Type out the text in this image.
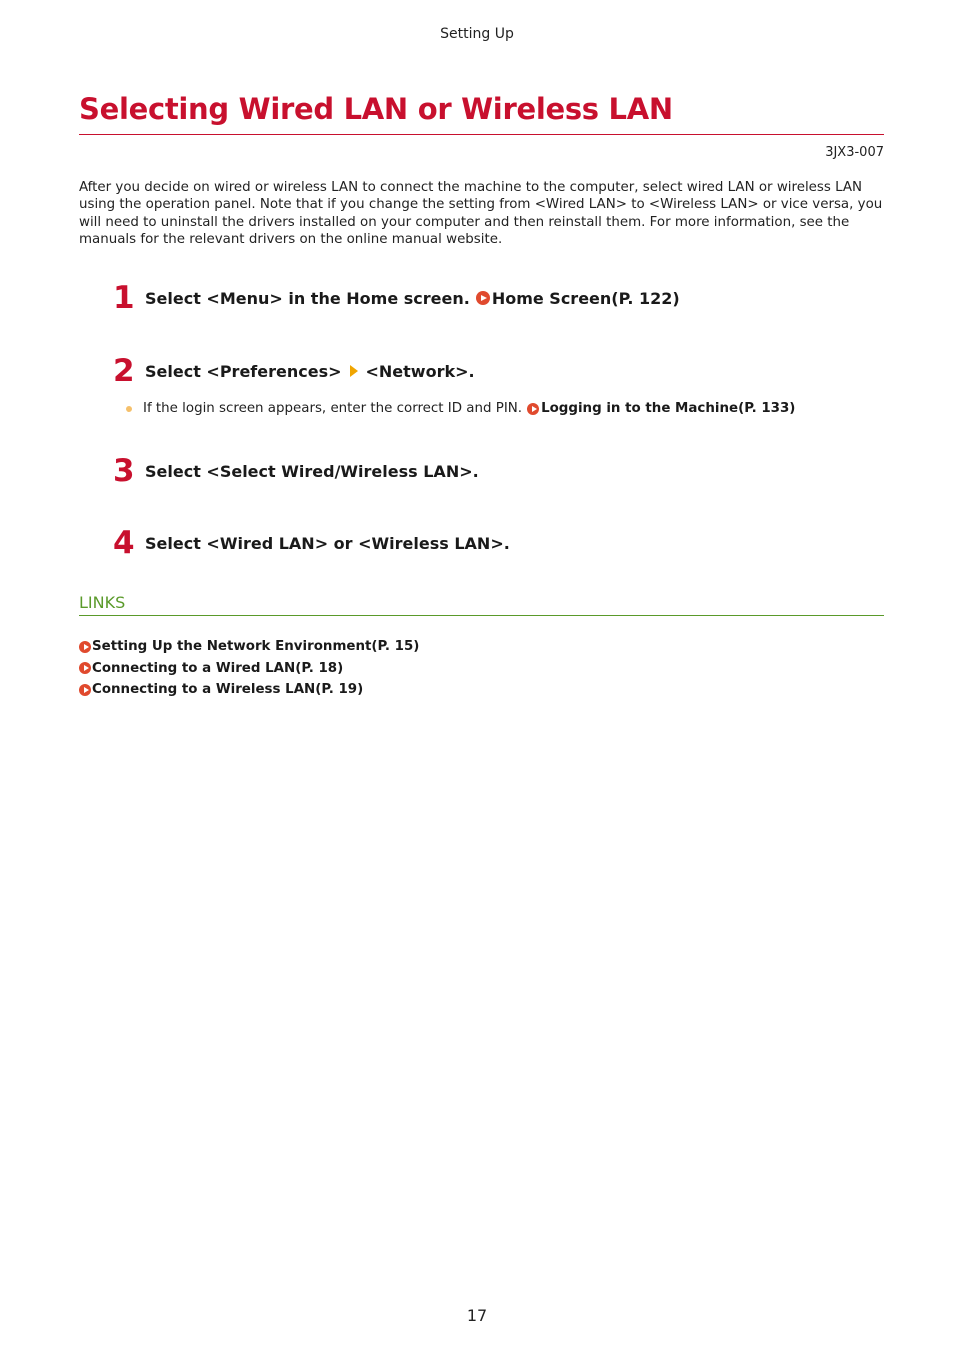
Setting Up
Selecting Wired LAN or Wireless LAN
3JX3-007

After you decide on wired or wireless LAN to connect the machine to the computer, select wired LAN or wireless LAN using the operation panel. Note that if you change the setting from <Wired LAN> to <Wireless LAN> or vice versa, you will need to uninstall the drivers installed on your computer and then reinstall them. For more information, see the manuals for the relevant drivers on the online manual website.

1 Select <Menu> in the Home screen. Home Screen(P. 122)
2 Select <Preferences> <Network>.
If the login screen appears, enter the correct ID and PIN. Logging in to the Machine(P. 133)
3 Select <Select Wired/Wireless LAN>.
4 Select <Wired LAN> or <Wireless LAN>.
LINKS
Setting Up the Network Environment(P. 15)
Connecting to a Wired LAN(P. 18)
Connecting to a Wireless LAN(P. 19)
17
